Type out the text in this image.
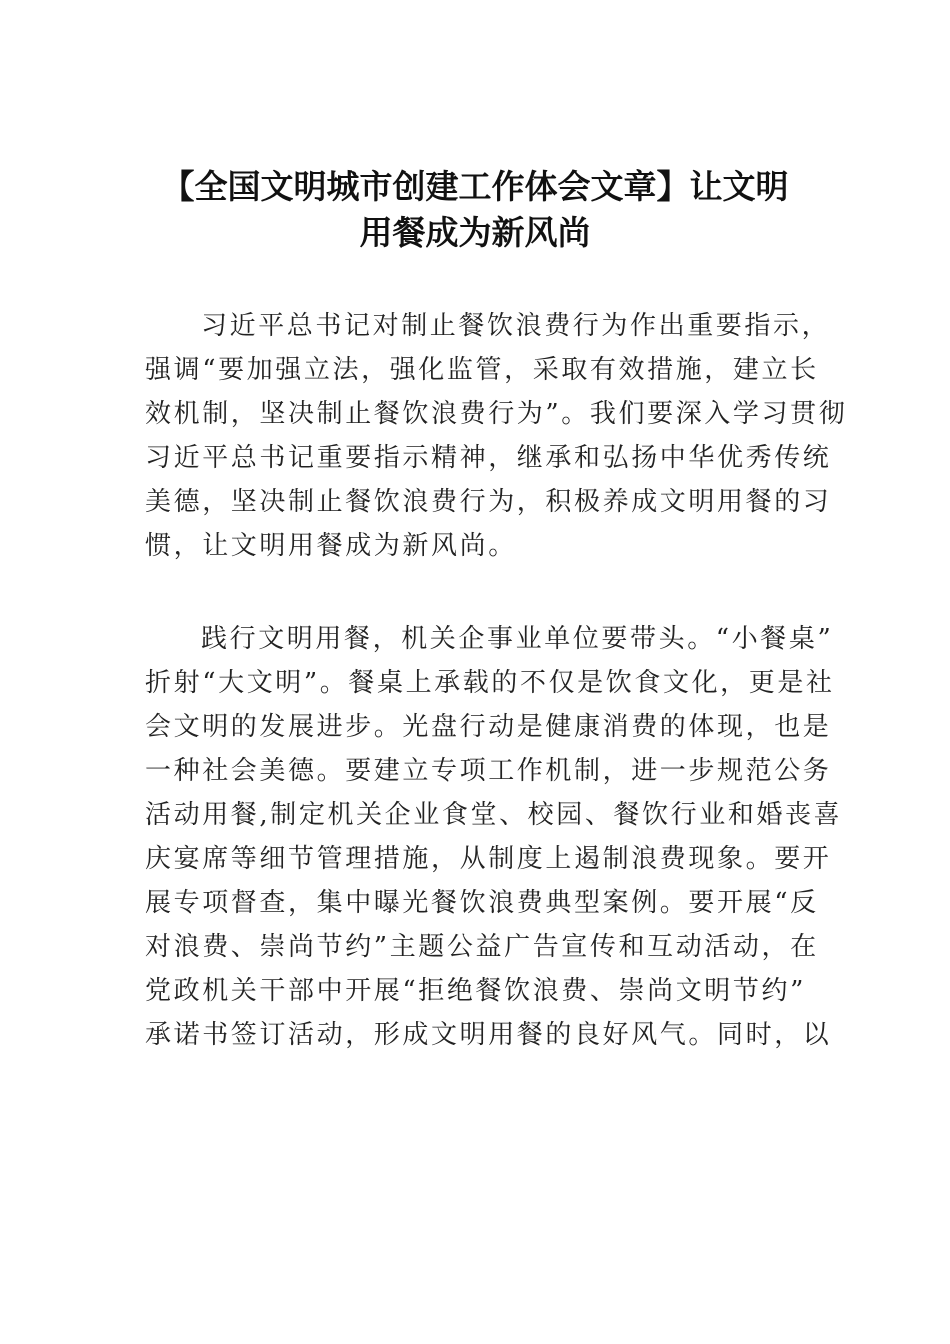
【全国文明城市创建工作体会文章】让文明
用餐成为新风尚
习近平总书记对制止餐饮浪费行为作出重要指示，
强调“要加强立法，强化监管，采取有效措施，建立长
效机制，坚决制止餐饮浪费行为”。我们要深入学习贯彻
习近平总书记重要指示精神，继承和弘扬中华优秀传统
美德，坚决制止餐饮浪费行为，积极养成文明用餐的习
惯，让文明用餐成为新风尚。
践行文明用餐，机关企事业单位要带头。“小餐桌”
折射“大文明”。餐桌上承载的不仅是饮食文化，更是社
会文明的发展进步。光盘行动是健康消费的体现，也是
一种社会美德。要建立专项工作机制，进一步规范公务
活动用餐,制定机关企业食堂、校园、餐饮行业和婚丧喜
庆宴席等细节管理措施，从制度上遏制浪费现象。要开
展专项督查，集中曝光餐饮浪费典型案例。要开展“反
对浪费、崇尚节约”主题公益广告宣传和互动活动，在
党政机关干部中开展“拒绝餐饮浪费、崇尚文明节约”
承诺书签订活动，形成文明用餐的良好风气。同时，以
